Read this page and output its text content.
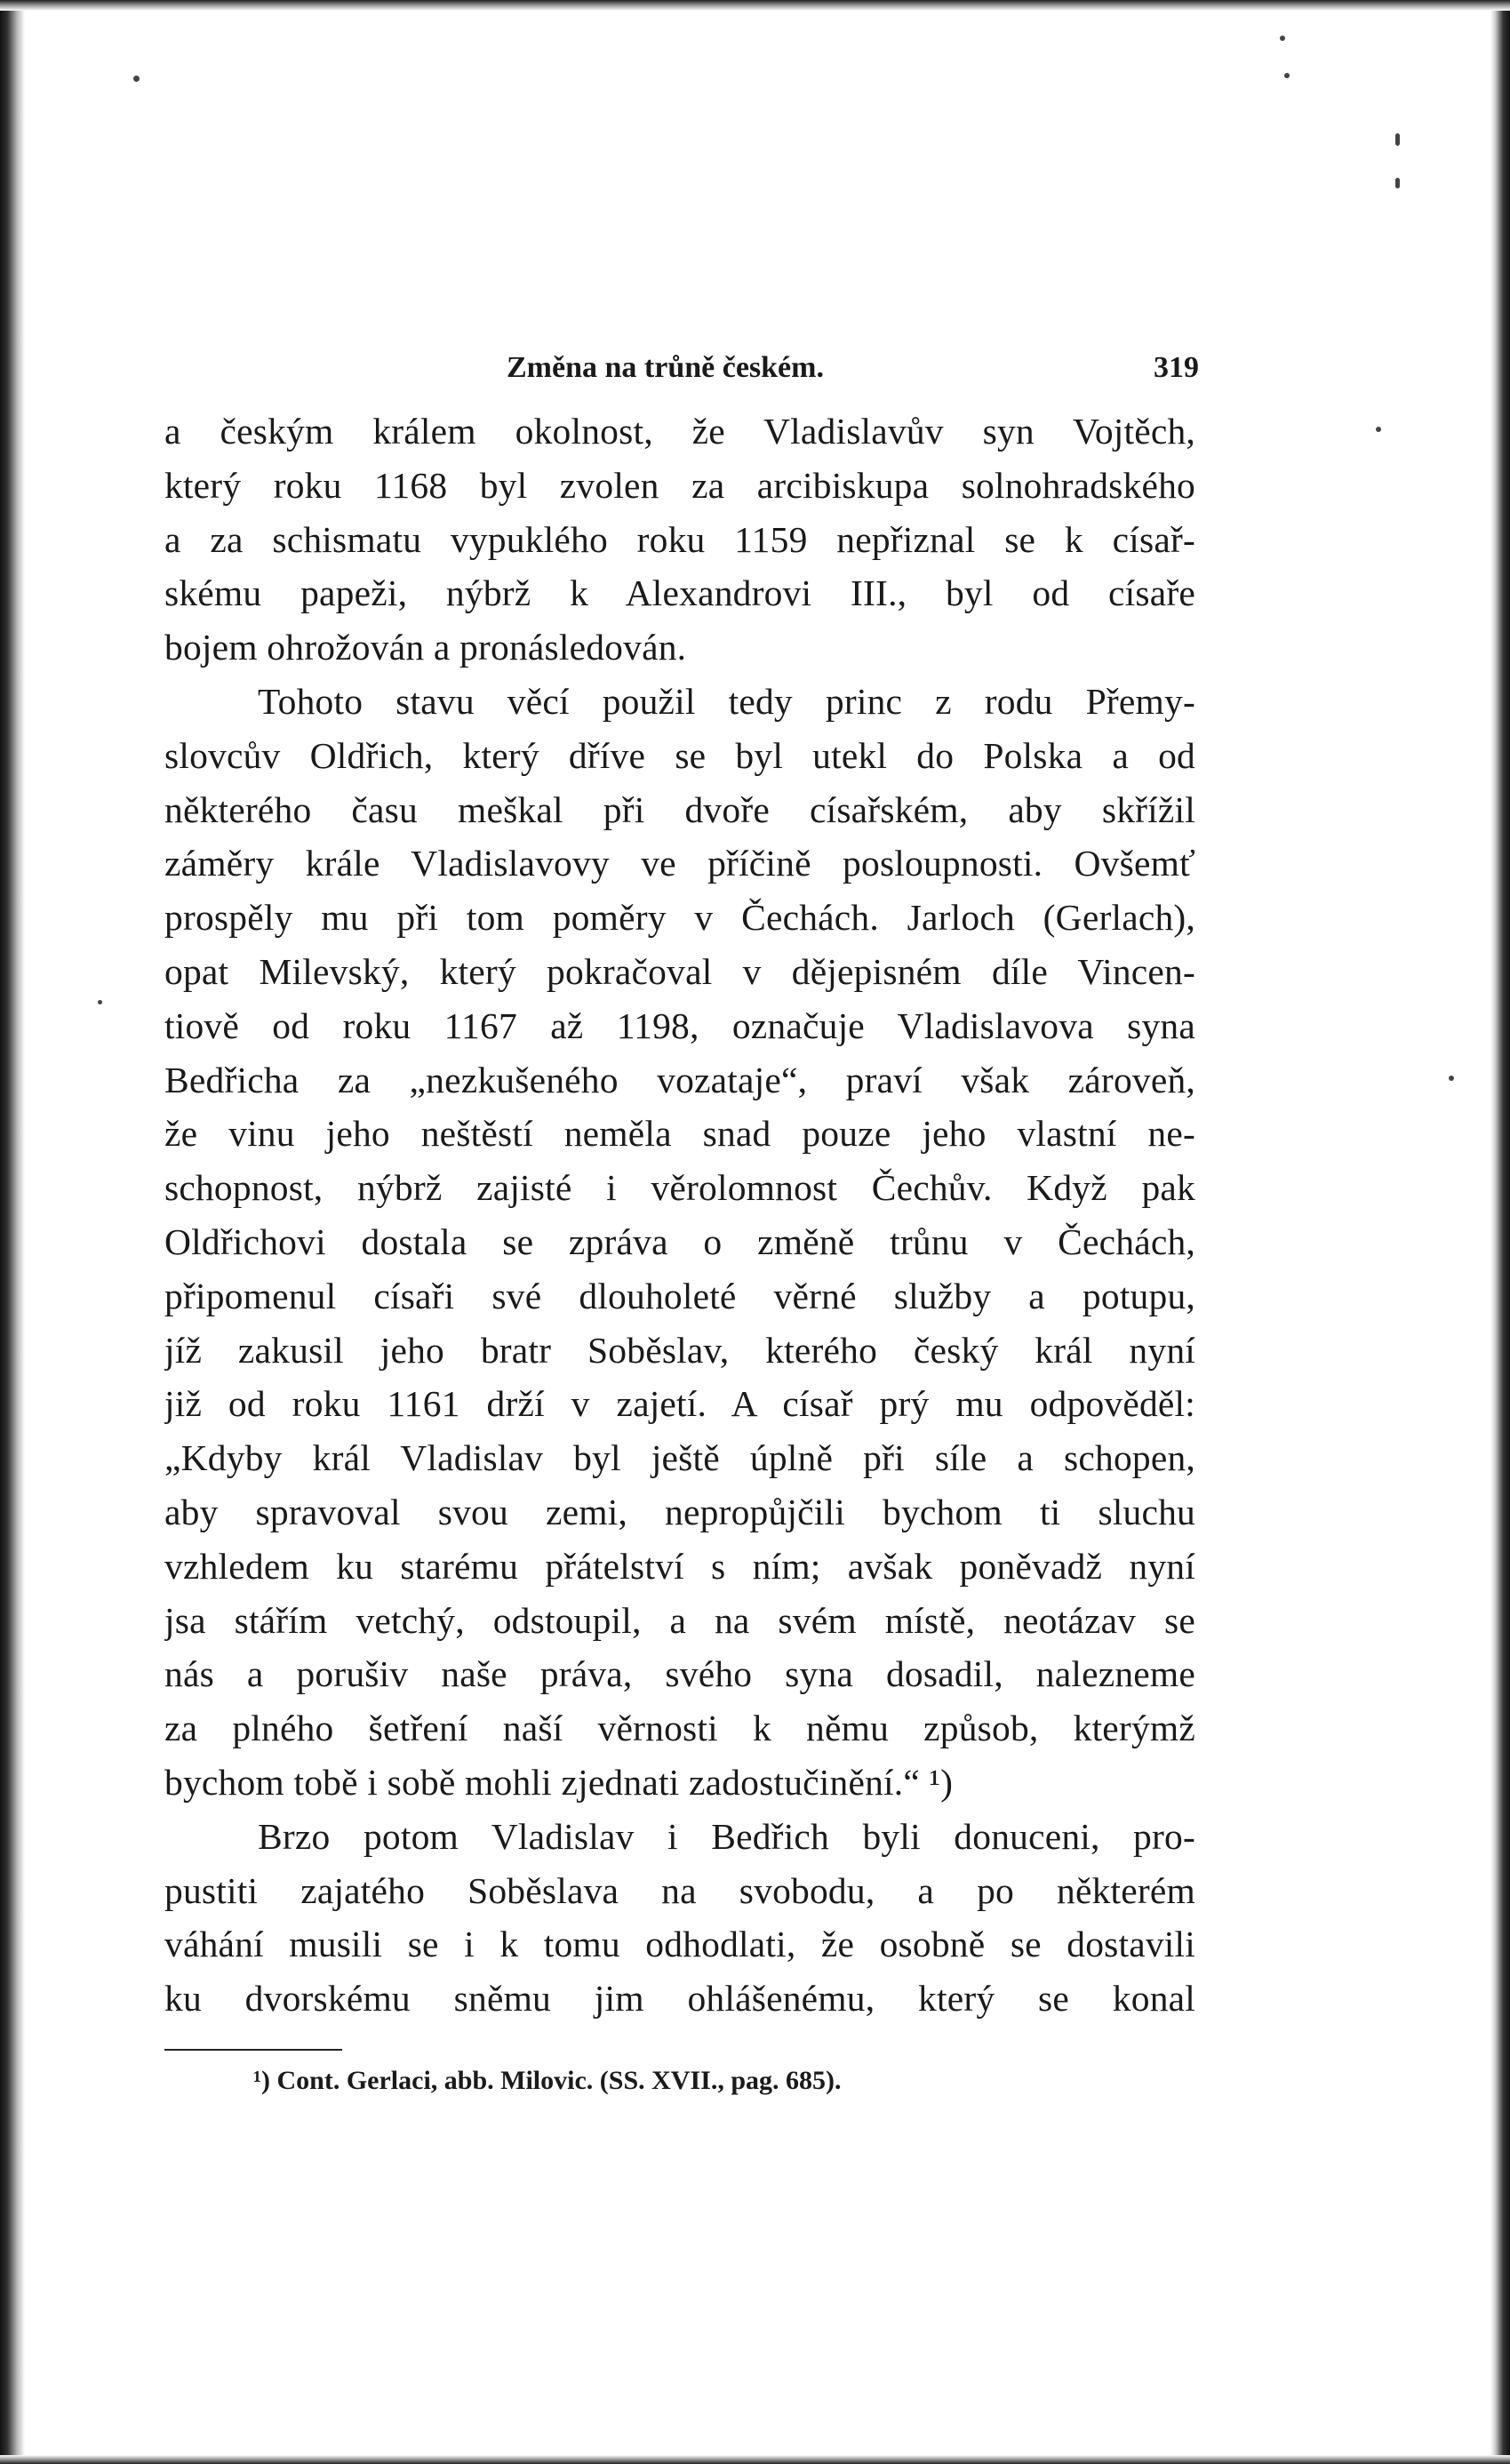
Změna na trůně českém.	319
a českým králem okolnost, že Vladislavův syn Vojtěch,
který roku 1168 byl zvolen za arcibiskupa solnohradského
a za schismatu vypuklého roku 1159 nepřiznal se k císař-
skému papeži, nýbrž k Alexandrovi III., byl od císaře
bojem ohrožován a pronásledován.
Tohoto stavu věcí použil tedy princ z rodu Přemy-
slovcův Oldřich, který dříve se byl utekl do Polska a od
některého času meškal při dvoře císařském, aby skřížil
záměry krále Vladislavovy ve příčině posloupnosti. Ovšemť
prospěly mu při tom poměry v Čechách. Jarloch (Gerlach),
opat Milevský, který pokračoval v dějepisném díle Vincen-
tiově od roku 1167 až 1198, označuje Vladislavova syna
Bedřicha za „nezkušeného vozataje“, praví však zároveň,
že vinu jeho neštěstí neměla snad pouze jeho vlastní ne-
schopnost, nýbrž zajisté i věrolomnost Čechův. Když pak
Oldřichovi dostala se zpráva o změně trůnu v Čechách,
připomenul císaři své dlouholeté věrné služby a potupu,
jíž zakusil jeho bratr Soběslav, kterého český král nyní
již od roku 1161 drží v zajetí. A císař prý mu odpověděl:
„Kdyby král Vladislav byl ještě úplně při síle a schopen,
aby spravoval svou zemi, nepropůjčili bychom ti sluchu
vzhledem ku starému přátelství s ním; avšak poněvadž nyní
jsa stářím vetchý, odstoupil, a na svém místě, neotázav se
nás a porušiv naše práva, svého syna dosadil, nalezneme
za plného šetření naší věrnosti k němu způsob, kterýmž
bychom tobě i sobě mohli zjednati zadostučinění.“ ¹)
Brzo potom Vladislav i Bedřich byli donuceni, pro-
pustiti zajatého Soběslava na svobodu, a po některém
váhání musili se i k tomu odhodlati, že osobně se dostavili
ku dvorskému sněmu jim ohlášenému, který se konal
¹) Cont. Gerlaci, abb. Milovic. (SS. XVII., pag. 685).
